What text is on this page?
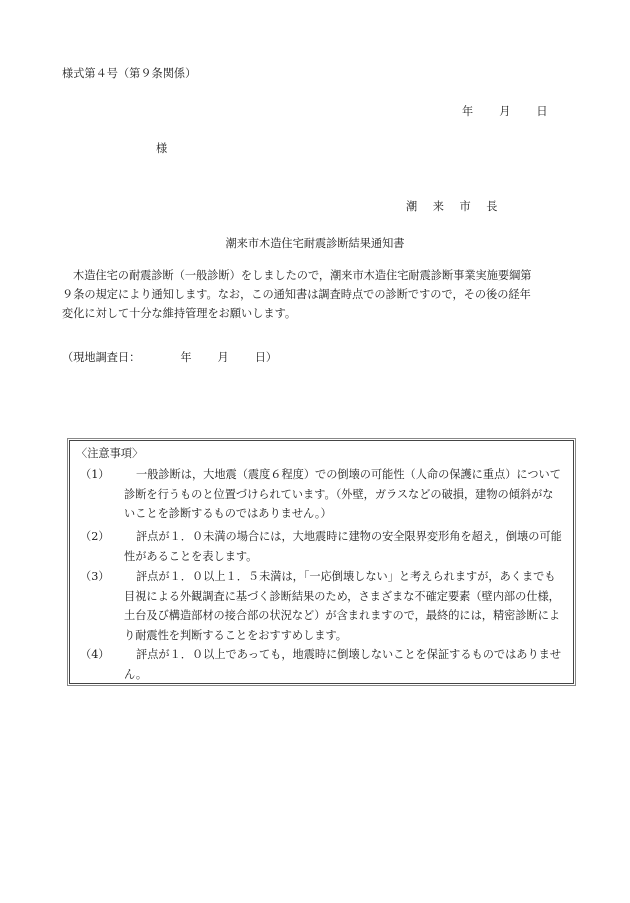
様式第４号（第９条関係）
年 月 日
様
潮 来 市 長
潮来市木造住宅耐震診断結果通知書

木造住宅の耐震診断（一般診断）をしましたので，潮来市木造住宅耐震診断事業実施要綱第

９条の規定により通知します。なお，この通知書は調査時点での診断ですので，その後の経年

変化に対して十分な維持管理をお願いします。

（現地調査日：	年 月 日）
〈注意事項〉
（1）	一般診断は，大地震（震度６程度）での倒壊の可能性（人命の保護に重点）について
診断を行うものと位置づけられています。（外壁，ガラスなどの破損，建物の傾斜がな
いことを診断するものではありません。）
（2）	評点が１．０未満の場合には，大地震時に建物の安全限界変形角を超え，倒壊の可能
性があることを表します。
（3）	評点が１．０以上１．５未満は，「一応倒壊しない」と考えられますが，あくまでも
目視による外観調査に基づく診断結果のため，さまざまな不確定要素（壁内部の仕様，
土台及び構造部材の接合部の状況など）が含まれますので，最終的には，精密診断によ
り耐震性を判断することをおすすめします。
（4）	評点が１．０以上であっても，地震時に倒壊しないことを保証するものではありませ
ん。
